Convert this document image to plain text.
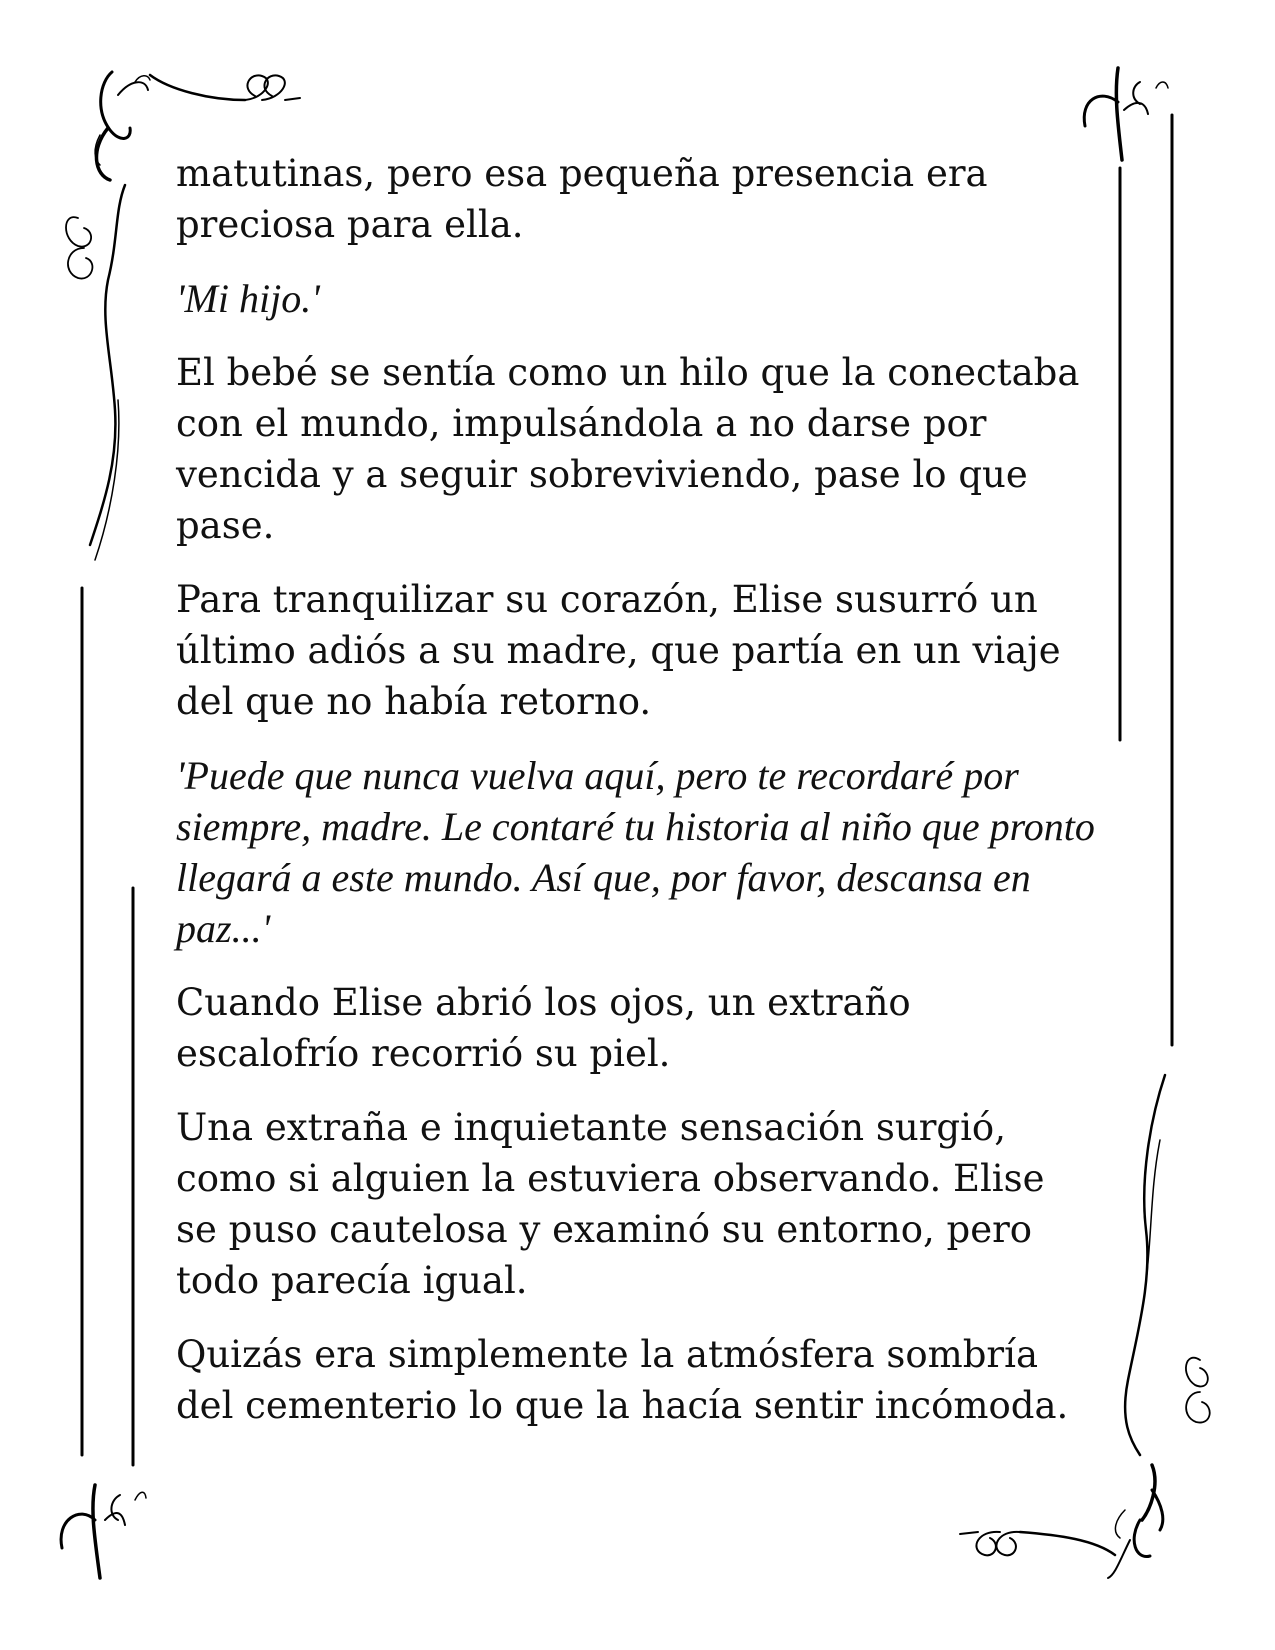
matutinas, pero esa pequeña presencia era preciosa para ella.

'Mi hijo.'

El bebé se sentía como un hilo que la conectaba con el mundo, impulsándola a no darse por vencida y a seguir sobreviviendo, pase lo que pase.

Para tranquilizar su corazón, Elise susurró un último adiós a su madre, que partía en un viaje del que no había retorno.

'Puede que nunca vuelva aquí, pero te recordaré por siempre, madre. Le contaré tu historia al niño que pronto llegará a este mundo. Así que, por favor, descansa en paz...'

Cuando Elise abrió los ojos, un extraño escalofrío recorrió su piel.

Una extraña e inquietante sensación surgió, como si alguien la estuviera observando. Elise se puso cautelosa y examinó su entorno, pero todo parecía igual.

Quizás era simplemente la atmósfera sombría del cementerio lo que la hacía sentir incómoda.
